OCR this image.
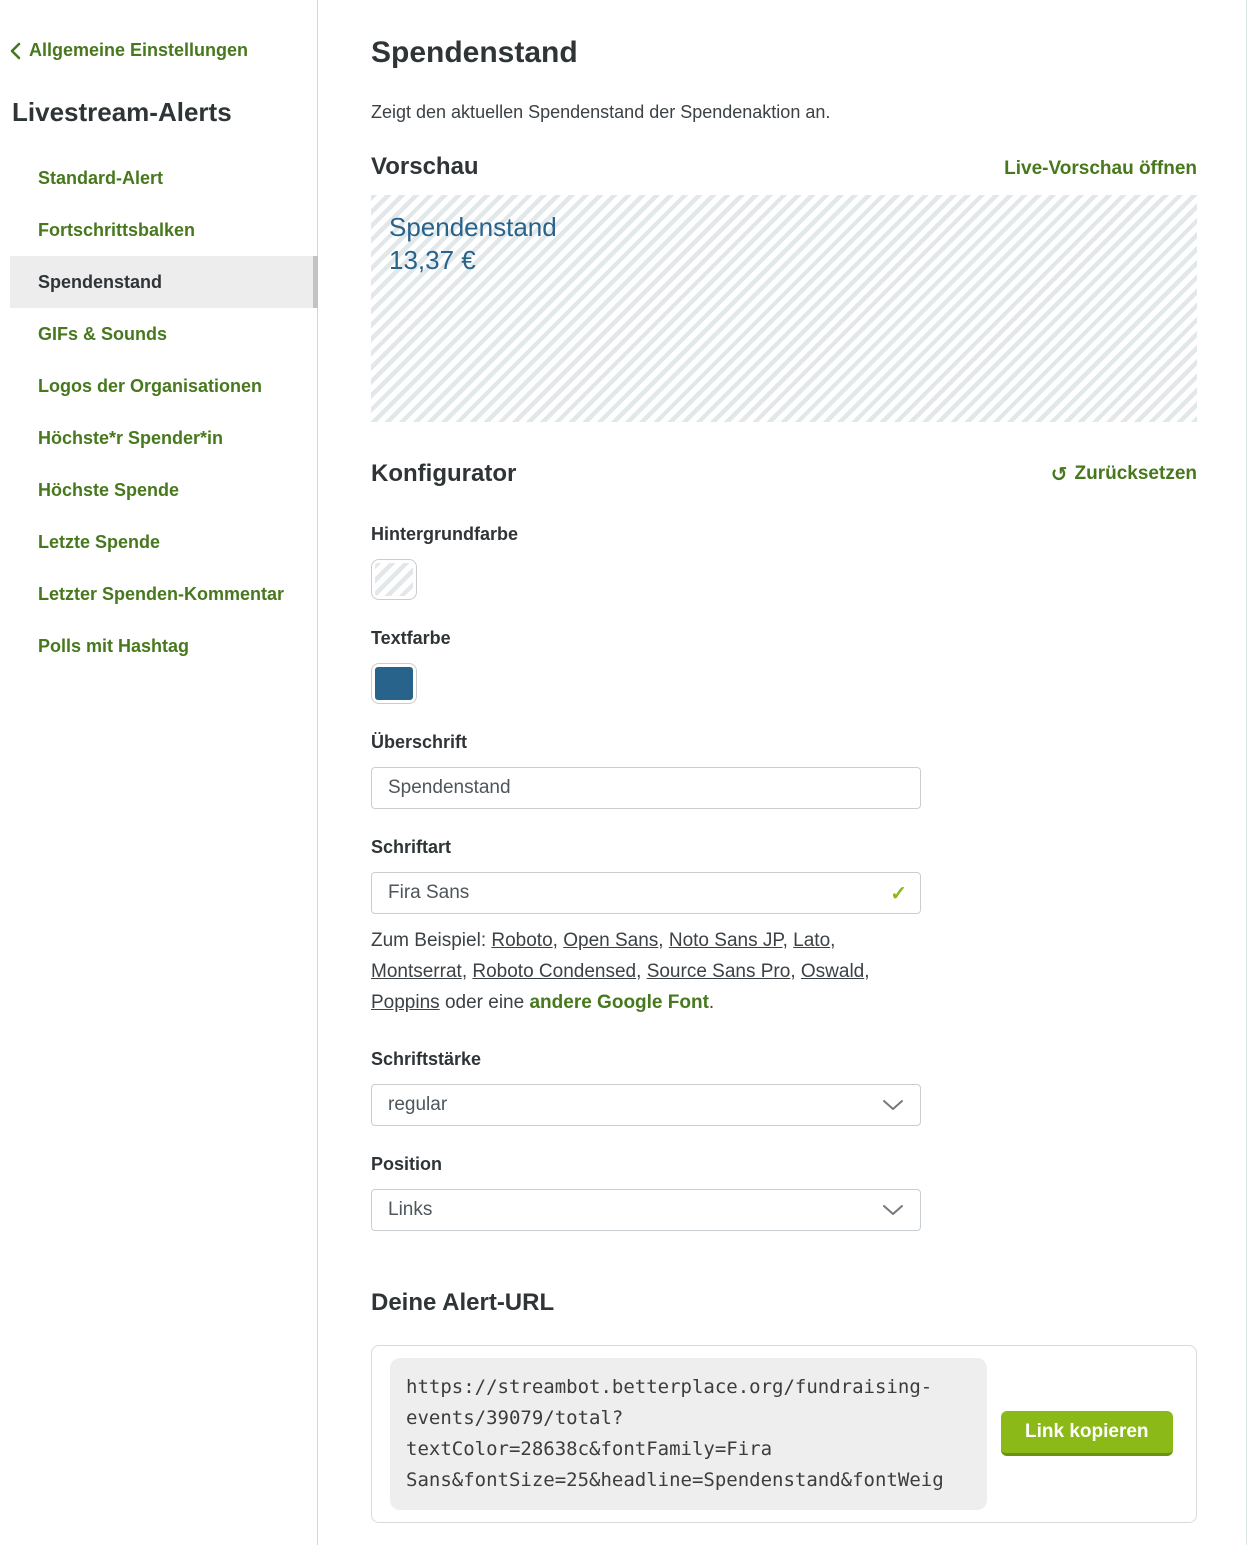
Allgemeine Einstellungen
Livestream-Alerts
Standard-Alert
Fortschrittsbalken
Spendenstand
GIFs & Sounds
Logos der Organisationen
Höchste*r Spender*in
Höchste Spende
Letzte Spende
Letzter Spenden-Kommentar
Polls mit Hashtag
Spendenstand

Zeigt den aktuellen Spendenstand der Spendenaktion an.

Vorschau	Live-Vorschau öffnen
Spendenstand
13,37 €
Konfigurator	↺ Zurücksetzen
Hintergrundfarbe
Textfarbe
Überschrift
Spendenstand
Schriftart
Fira Sans
✓

Zum Beispiel: Roboto, Open Sans, Noto Sans JP, Lato, Montserrat, Roboto Condensed, Source Sans Pro, Oswald, Poppins oder eine andere Google Font.

Schriftstärke
regular
Position
Links
Deine Alert-URL
https://streambot.betterplace.org/fundraising-
events/39079/total?
textColor=28638c&fontFamily=Fira
Sans&fontSize=25&headline=Spendenstand&fontWeig
Link kopieren
